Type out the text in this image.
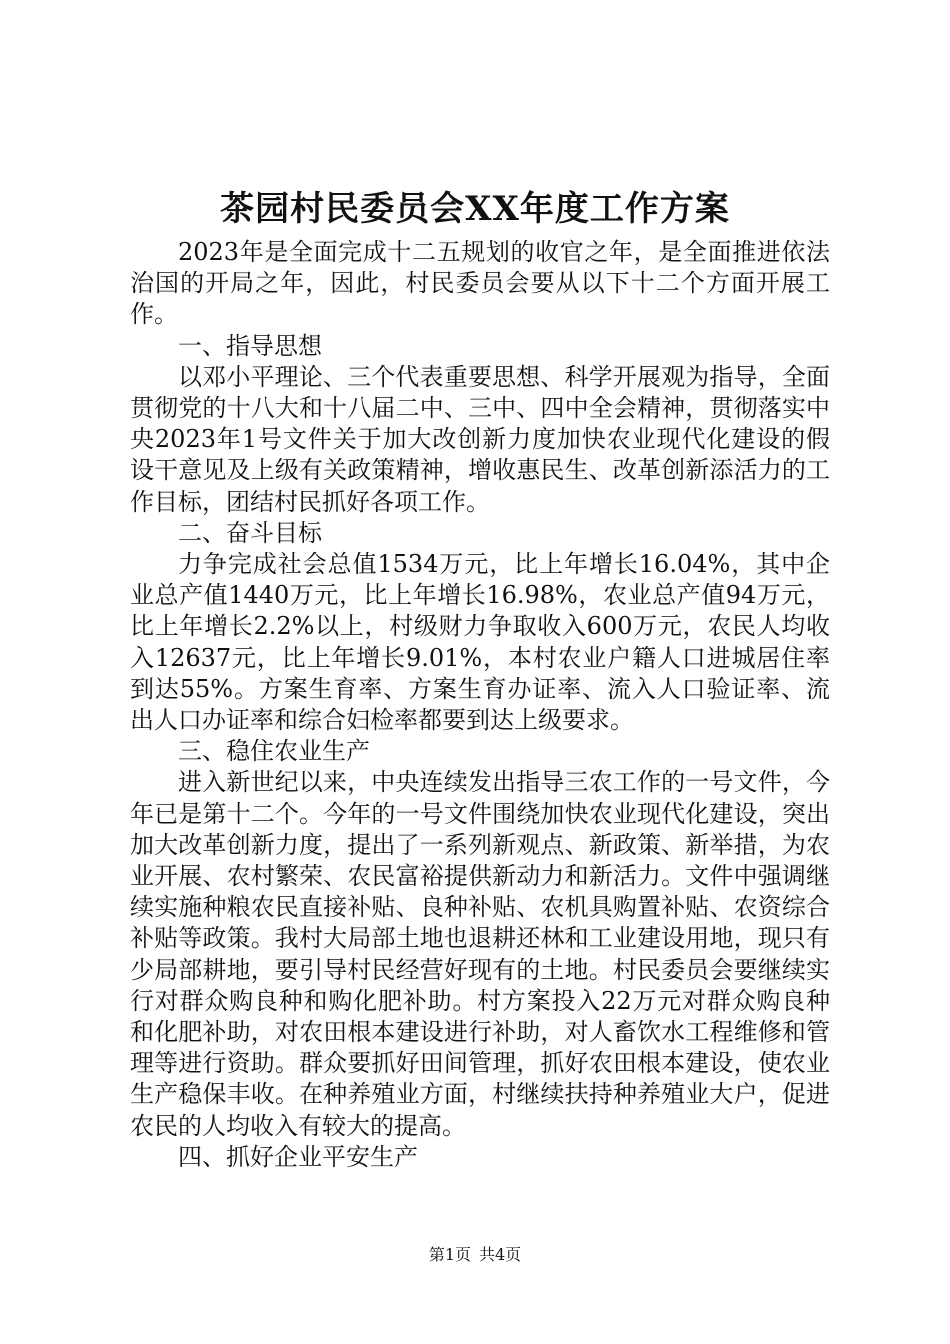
茶园村民委员会XX年度工作方案

2023年是全面完成十二五规划的收官之年，是全面推进依法治国的开局之年，因此，村民委员会要从以下十二个方面开展工作。

一、指导思想

以邓小平理论、三个代表重要思想、科学开展观为指导，全面贯彻党的十八大和十八届二中、三中、四中全会精神，贯彻落实中央2023年1号文件关于加大改创新力度加快农业现代化建设的假设干意见及上级有关政策精神，增收惠民生、改革创新添活力的工作目标，团结村民抓好各项工作。

二、奋斗目标

力争完成社会总值1534万元，比上年增长16.04%，其中企业总产值1440万元，比上年增长16.98%，农业总产值94万元，比上年增长2.2%以上，村级财力争取收入600万元，农民人均收入12637元，比上年增长9.01%，本村农业户籍人口进城居住率到达55%。方案生育率、方案生育办证率、流入人口验证率、流出人口办证率和综合妇检率都要到达上级要求。

三、稳住农业生产

进入新世纪以来，中央连续发出指导三农工作的一号文件，今年已是第十二个。今年的一号文件围绕加快农业现代化建设，突出加大改革创新力度，提出了一系列新观点、新政策、新举措，为农业开展、农村繁荣、农民富裕提供新动力和新活力。文件中强调继续实施种粮农民直接补贴、良种补贴、农机具购置补贴、农资综合补贴等政策。我村大局部土地也退耕还林和工业建设用地，现只有少局部耕地，要引导村民经营好现有的土地。村民委员会要继续实行对群众购良种和购化肥补助。村方案投入22万元对群众购良种和化肥补助，对农田根本建设进行补助，对人畜饮水工程维修和管理等进行资助。群众要抓好田间管理，抓好农田根本建设，使农业生产稳保丰收。在种养殖业方面，村继续扶持种养殖业大户，促进农民的人均收入有较大的提高。

四、抓好企业平安生产

第1页 共4页
